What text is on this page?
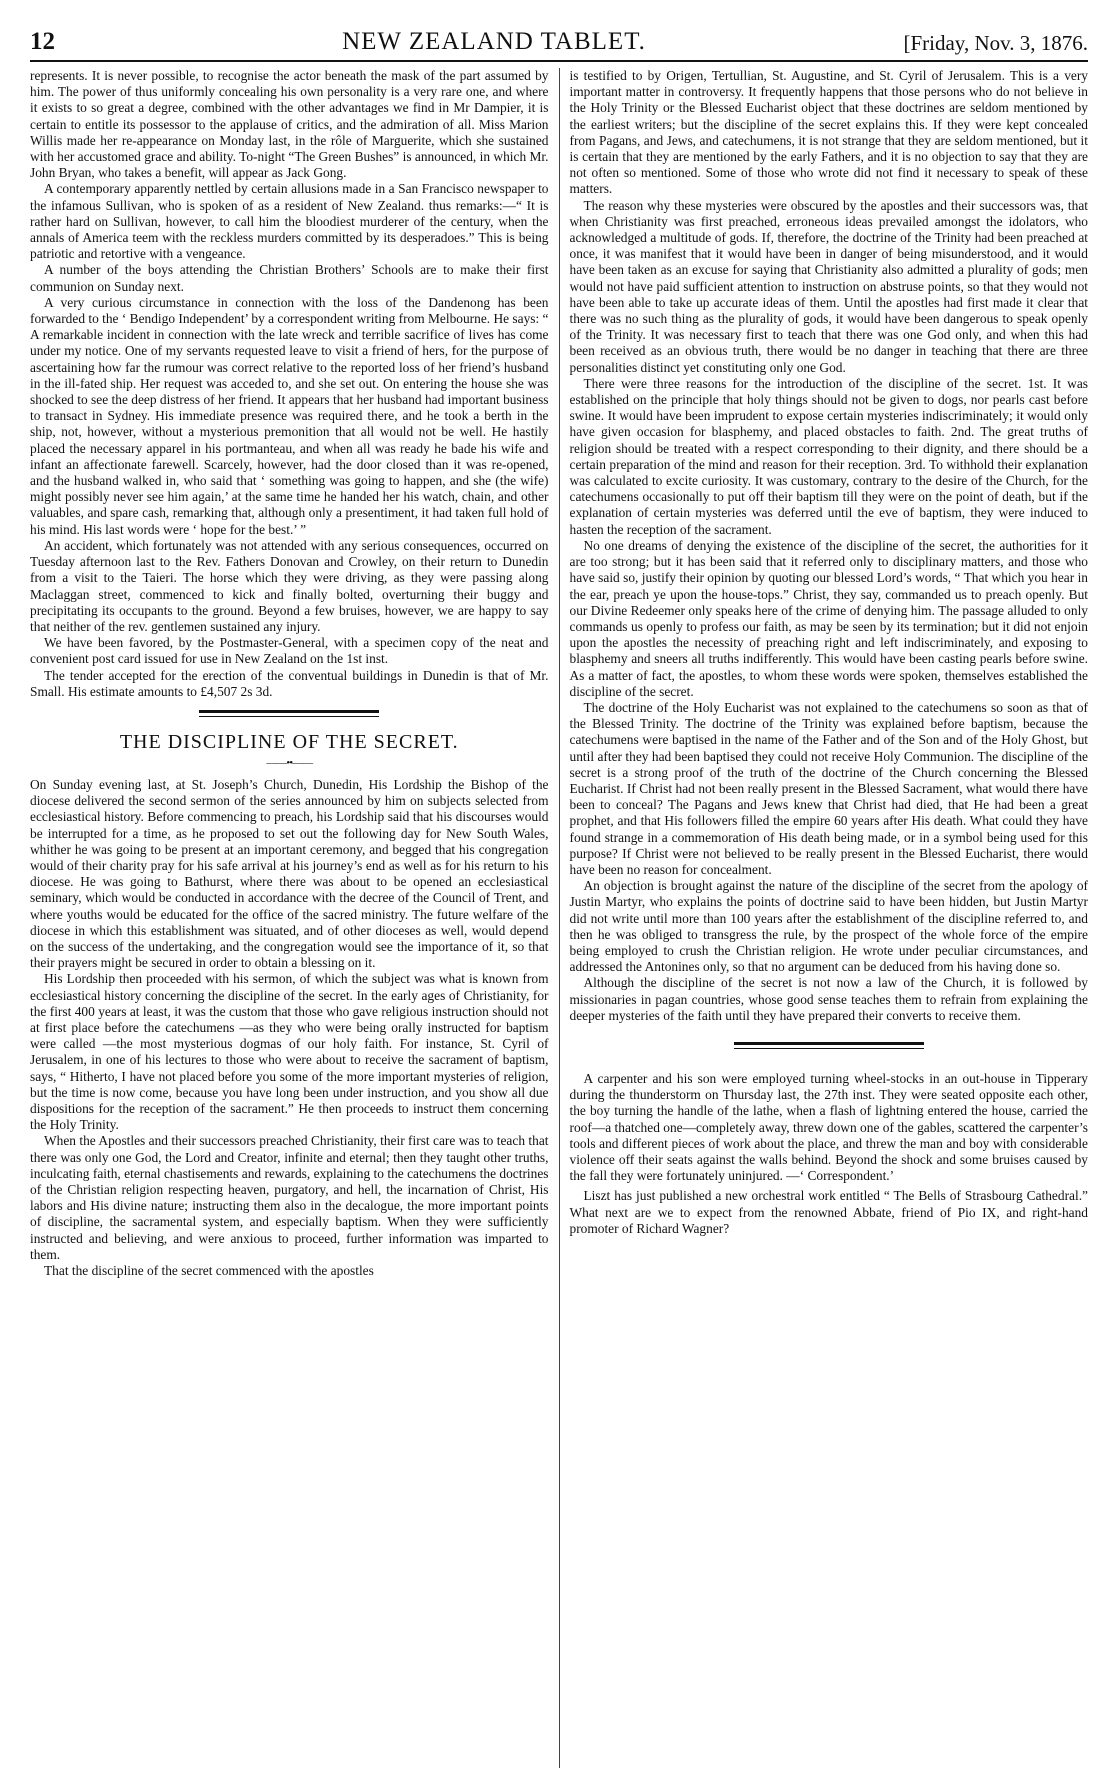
12	NEW ZEALAND TABLET.	[Friday, Nov. 3, 1876.

represents. It is never possible, to recognise the actor beneath the mask of the part assumed by him. The power of thus uniformly concealing his own personality is a very rare one, and where it exists to so great a degree, combined with the other advantages we find in Mr Dampier, it is certain to entitle its possessor to the applause of critics, and the admiration of all. Miss Marion Willis made her re-appearance on Monday last, in the rôle of Marguerite, which she sustained with her accustomed grace and ability. To-night “The Green Bushes” is announced, in which Mr. John Bryan, who takes a benefit, will appear as Jack Gong.

A contemporary apparently nettled by certain allusions made in a San Francisco newspaper to the infamous Sullivan, who is spoken of as a resident of New Zealand. thus remarks:—“ It is rather hard on Sullivan, however, to call him the bloodiest murderer of the century, when the annals of America teem with the reckless murders committed by its desperadoes.” This is being patriotic and retortive with a vengeance.

A number of the boys attending the Christian Brothers’ Schools are to make their first communion on Sunday next.

A very curious circumstance in connection with the loss of the Dandenong has been forwarded to the ‘ Bendigo Independent’ by a correspondent writing from Melbourne. He says: “ A remarkable incident in connection with the late wreck and terrible sacrifice of lives has come under my notice. One of my servants requested leave to visit a friend of hers, for the purpose of ascertaining how far the rumour was correct relative to the reported loss of her friend’s husband in the ill-fated ship. Her request was acceded to, and she set out. On entering the house she was shocked to see the deep distress of her friend. It appears that her husband had important business to transact in Sydney. His immediate presence was required there, and he took a berth in the ship, not, however, without a mysterious premonition that all would not be well. He hastily placed the necessary apparel in his portmanteau, and when all was ready he bade his wife and infant an affectionate farewell. Scarcely, however, had the door closed than it was re-opened, and the husband walked in, who said that ‘ something was going to happen, and she (the wife) might possibly never see him again,’ at the same time he handed her his watch, chain, and other valuables, and spare cash, remarking that, although only a presentiment, it had taken full hold of his mind. His last words were ‘ hope for the best.’ ”

An accident, which fortunately was not attended with any serious consequences, occurred on Tuesday afternoon last to the Rev. Fathers Donovan and Crowley, on their return to Dunedin from a visit to the Taieri. The horse which they were driving, as they were passing along Maclaggan street, commenced to kick and finally bolted, overturning their buggy and precipitating its occupants to the ground. Beyond a few bruises, however, we are happy to say that neither of the rev. gentlemen sustained any injury.

We have been favored, by the Postmaster-General, with a specimen copy of the neat and convenient post card issued for use in New Zealand on the 1st inst.

The tender accepted for the erection of the conventual buildings in Dunedin is that of Mr. Small. His estimate amounts to £4,507 2s 3d.

THE DISCIPLINE OF THE SECRET.
——••——

On Sunday evening last, at St. Joseph’s Church, Dunedin, His Lordship the Bishop of the diocese delivered the second sermon of the series announced by him on subjects selected from ecclesiastical history. Before commencing to preach, his Lordship said that his discourses would be interrupted for a time, as he proposed to set out the following day for New South Wales, whither he was going to be present at an important ceremony, and begged that his congregation would of their charity pray for his safe arrival at his journey’s end as well as for his return to his diocese. He was going to Bathurst, where there was about to be opened an ecclesiastical seminary, which would be conducted in accordance with the decree of the Council of Trent, and where youths would be educated for the office of the sacred ministry. The future welfare of the diocese in which this establishment was situated, and of other dioceses as well, would depend on the success of the undertaking, and the congregation would see the importance of it, so that their prayers might be secured in order to obtain a blessing on it.

His Lordship then proceeded with his sermon, of which the subject was what is known from ecclesiastical history concerning the discipline of the secret. In the early ages of Christianity, for the first 400 years at least, it was the custom that those who gave religious instruction should not at first place before the catechumens —as they who were being orally instructed for baptism were called —the most mysterious dogmas of our holy faith. For instance, St. Cyril of Jerusalem, in one of his lectures to those who were about to receive the sacrament of baptism, says, “ Hitherto, I have not placed before you some of the more important mysteries of religion, but the time is now come, because you have long been under instruction, and you show all due dispositions for the reception of the sacrament.” He then proceeds to instruct them concerning the Holy Trinity.

When the Apostles and their successors preached Christianity, their first care was to teach that there was only one God, the Lord and Creator, infinite and eternal; then they taught other truths, inculcating faith, eternal chastisements and rewards, explaining to the catechumens the doctrines of the Christian religion respecting heaven, purgatory, and hell, the incarnation of Christ, His labors and His divine nature; instructing them also in the decalogue, the more important points of discipline, the sacramental system, and especially baptism. When they were sufficiently instructed and believing, and were anxious to proceed, further information was imparted to them.

That the discipline of the secret commenced with the apostles

is testified to by Origen, Tertullian, St. Augustine, and St. Cyril of Jerusalem. This is a very important matter in controversy. It frequently happens that those persons who do not believe in the Holy Trinity or the Blessed Eucharist object that these doctrines are seldom mentioned by the earliest writers; but the discipline of the secret explains this. If they were kept concealed from Pagans, and Jews, and catechumens, it is not strange that they are seldom mentioned, but it is certain that they are mentioned by the early Fathers, and it is no objection to say that they are not often so mentioned. Some of those who wrote did not find it necessary to speak of these matters.

The reason why these mysteries were obscured by the apostles and their successors was, that when Christianity was first preached, erroneous ideas prevailed amongst the idolators, who acknowledged a multitude of gods. If, therefore, the doctrine of the Trinity had been preached at once, it was manifest that it would have been in danger of being misunderstood, and it would have been taken as an excuse for saying that Christianity also admitted a plurality of gods; men would not have paid sufficient attention to instruction on abstruse points, so that they would not have been able to take up accurate ideas of them. Until the apostles had first made it clear that there was no such thing as the plurality of gods, it would have been dangerous to speak openly of the Trinity. It was necessary first to teach that there was one God only, and when this had been received as an obvious truth, there would be no danger in teaching that there are three personalities distinct yet constituting only one God.

There were three reasons for the introduction of the discipline of the secret. 1st. It was established on the principle that holy things should not be given to dogs, nor pearls cast before swine. It would have been imprudent to expose certain mysteries indiscriminately; it would only have given occasion for blasphemy, and placed obstacles to faith. 2nd. The great truths of religion should be treated with a respect corresponding to their dignity, and there should be a certain preparation of the mind and reason for their reception. 3rd. To withhold their explanation was calculated to excite curiosity. It was customary, contrary to the desire of the Church, for the catechumens occasionally to put off their baptism till they were on the point of death, but if the explanation of certain mysteries was deferred until the eve of baptism, they were induced to hasten the reception of the sacrament.

No one dreams of denying the existence of the discipline of the secret, the authorities for it are too strong; but it has been said that it referred only to disciplinary matters, and those who have said so, justify their opinion by quoting our blessed Lord’s words, “ That which you hear in the ear, preach ye upon the house-tops.” Christ, they say, commanded us to preach openly. But our Divine Redeemer only speaks here of the crime of denying him. The passage alluded to only commands us openly to profess our faith, as may be seen by its termination; but it did not enjoin upon the apostles the necessity of preaching right and left indiscriminately, and exposing to blasphemy and sneers all truths indifferently. This would have been casting pearls before swine. As a matter of fact, the apostles, to whom these words were spoken, themselves established the discipline of the secret.

The doctrine of the Holy Eucharist was not explained to the catechumens so soon as that of the Blessed Trinity. The doctrine of the Trinity was explained before baptism, because the catechumens were baptised in the name of the Father and of the Son and of the Holy Ghost, but until after they had been baptised they could not receive Holy Communion. The discipline of the secret is a strong proof of the truth of the doctrine of the Church concerning the Blessed Eucharist. If Christ had not been really present in the Blessed Sacrament, what would there have been to conceal? The Pagans and Jews knew that Christ had died, that He had been a great prophet, and that His followers filled the empire 60 years after His death. What could they have found strange in a commemoration of His death being made, or in a symbol being used for this purpose? If Christ were not believed to be really present in the Blessed Eucharist, there would have been no reason for concealment.

An objection is brought against the nature of the discipline of the secret from the apology of Justin Martyr, who explains the points of doctrine said to have been hidden, but Justin Martyr did not write until more than 100 years after the establishment of the discipline referred to, and then he was obliged to transgress the rule, by the prospect of the whole force of the empire being employed to crush the Christian religion. He wrote under peculiar circumstances, and addressed the Antonines only, so that no argument can be deduced from his having done so.

Although the discipline of the secret is not now a law of the Church, it is followed by missionaries in pagan countries, whose good sense teaches them to refrain from explaining the deeper mysteries of the faith until they have prepared their converts to receive them.

A carpenter and his son were employed turning wheel-stocks in an out-house in Tipperary during the thunderstorm on Thursday last, the 27th inst. They were seated opposite each other, the boy turning the handle of the lathe, when a flash of lightning entered the house, carried the roof—a thatched one—completely away, threw down one of the gables, scattered the carpenter’s tools and different pieces of work about the place, and threw the man and boy with considerable violence off their seats against the walls behind. Beyond the shock and some bruises caused by the fall they were fortunately uninjured. —‘ Correspondent.’

Liszt has just published a new orchestral work entitled “ The Bells of Strasbourg Cathedral.” What next are we to expect from the renowned Abbate, friend of Pio IX, and right-hand promoter of Richard Wagner?
